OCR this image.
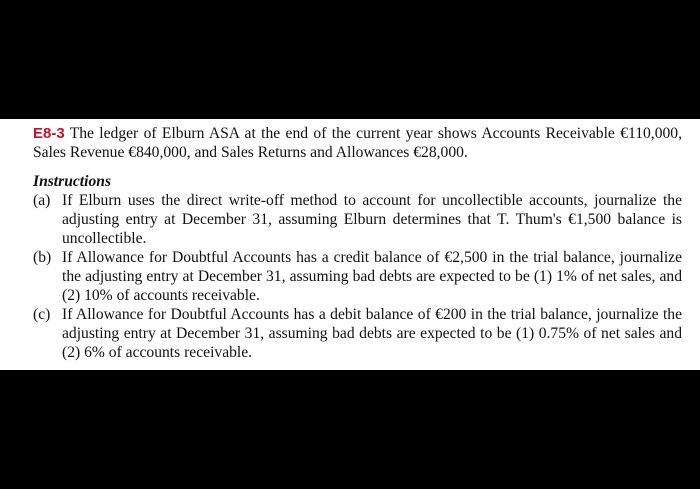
E8-3 The ledger of Elburn ASA at the end of the current year shows Accounts Receivable €110,000, Sales Revenue €840,000, and Sales Returns and Allowances €28,000.
Instructions
(a) If Elburn uses the direct write-off method to account for uncollectible accounts, journalize the adjusting entry at December 31, assuming Elburn determines that T. Thum's €1,500 balance is uncollectible.
(b) If Allowance for Doubtful Accounts has a credit balance of €2,500 in the trial balance, journalize the adjusting entry at December 31, assuming bad debts are expected to be (1) 1% of net sales, and (2) 10% of accounts receivable.
(c) If Allowance for Doubtful Accounts has a debit balance of €200 in the trial balance, journalize the adjusting entry at December 31, assuming bad debts are expected to be (1) 0.75% of net sales and (2) 6% of accounts receivable.
